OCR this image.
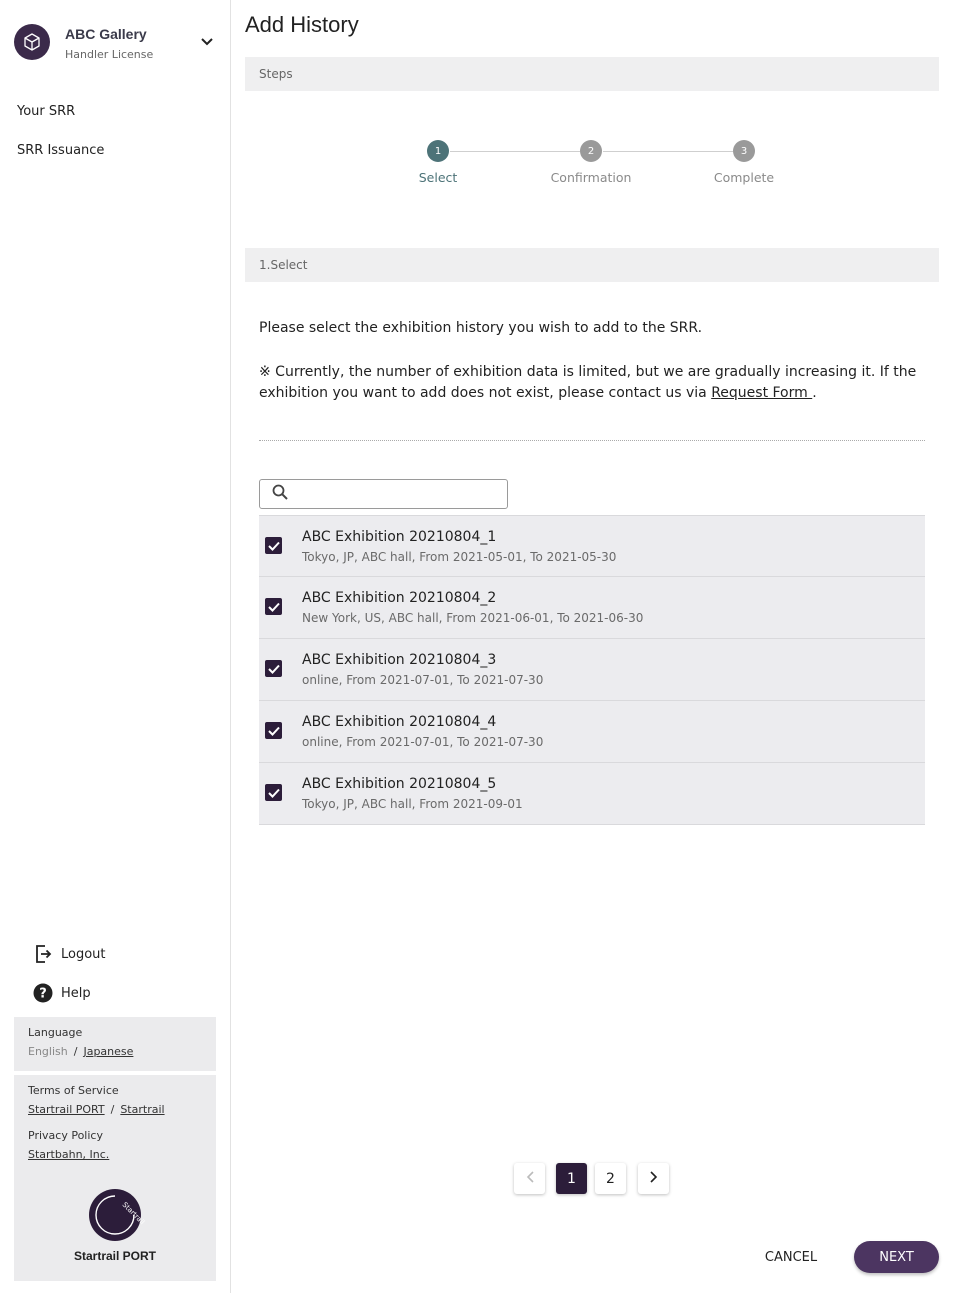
ABC Gallery
Handler License
Your SRR
SRR Issuance
Logout
? Help
Language
English / Japanese
Terms of Service
Startrail PORT / Startrail
Privacy Policy
Startbahn, Inc.
Startrail
Startrail PORT
Add History
Steps
1
Select
2
Confirmation
3
Complete
1.Select

Please select the exhibition history you wish to add to the SRR.

※ Currently, the number of exhibition data is limited, but we are gradually increasing it. If the exhibition you want to add does not exist, please contact us via Request Form .

ABC Exhibition 20210804_1
Tokyo, JP, ABC hall, From 2021-05-01, To 2021-05-30
ABC Exhibition 20210804_2
New York, US, ABC hall, From 2021-06-01, To 2021-06-30
ABC Exhibition 20210804_3
online, From 2021-07-01, To 2021-07-30
ABC Exhibition 20210804_4
online, From 2021-07-01, To 2021-07-30
ABC Exhibition 20210804_5
Tokyo, JP, ABC hall, From 2021-09-01
1	2
CANCEL	NEXT
